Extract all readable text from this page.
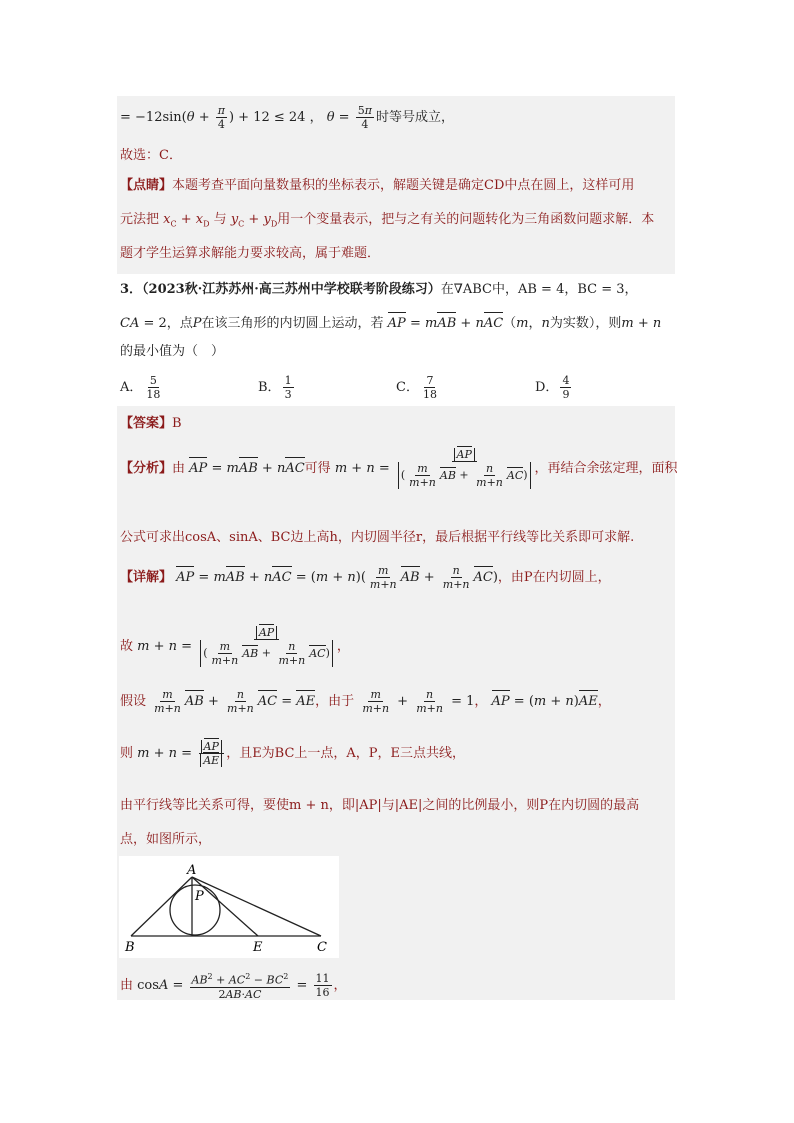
= $-12\sin(\theta + \frac{\pi}{4}$ ) + 12 ≤ 24 ， $\theta = \frac{5\pi}{4}$ 时等号成立，
故选：C．
【点睛】本题考查平面向量数量积的坐标表示，解题关键是确定CD中点在圆上，这样可用
元法把 $x_C + x_D$ 与 $y_C + y_D$用一个变量表示，把与之有关的问题转化为三角函数问题求解．本
题才学生运算求解能力要求较高，属于难题．
3．（2023秋·江苏苏州·高三苏州中学校联考阶段练习）在∇ABC中，AB = 4，BC = 3，
CA = 2，点P在该三角形的内切圆上运动，若 AP = mAB + nAC（m，n为实数），则m + n
的最小值为（　）
A． $\frac{5}{18}$	B． $\frac{1}{3}$	C． $\frac{7}{18}$	D． $\frac{4}{9}$
【答案】B
【分析】由 AP = mAB + nAC可得 $m + n = \frac{AP}{( \frac{m}{m+n} AB + \frac{n}{m+n} AC)}$ ，再结合余弦定理，面积
公式可求出cosA、sinA、BC边上高h，内切圆半径r，最后根据平行线等比关系即可求解.
【详解】 AP = mAB + nAC = $(m + n)( \frac{m}{m+n}$ AB + $\frac{n}{m+n} AC$)，由P在内切圆上，
故 $m + n = \frac{AP}{( \frac{m}{m+n} AB + \frac{n}{m+n} AC)}$ ，
假设 $\frac{m}{m+n}$ AB + $\frac{n}{m+n}$ AC = AE，由于 $\frac{m}{m+n} + \frac{n}{m+n} = 1$， AP = (m + n)AE，
则 $m + n = \frac{AP}{AE}$ ，且E为BC上一点，A，P，E三点共线，
由平行线等比关系可得，要使m + n，即|AP|与|AE|之间的比例最小，则P在内切圆的最高
点，如图所示，
A
P
B	E	C
由 $\cos A = \frac{AB^2 + AC^2 - BC^2}{2AB\cdot AC} = \frac{11}{16}$ ，
